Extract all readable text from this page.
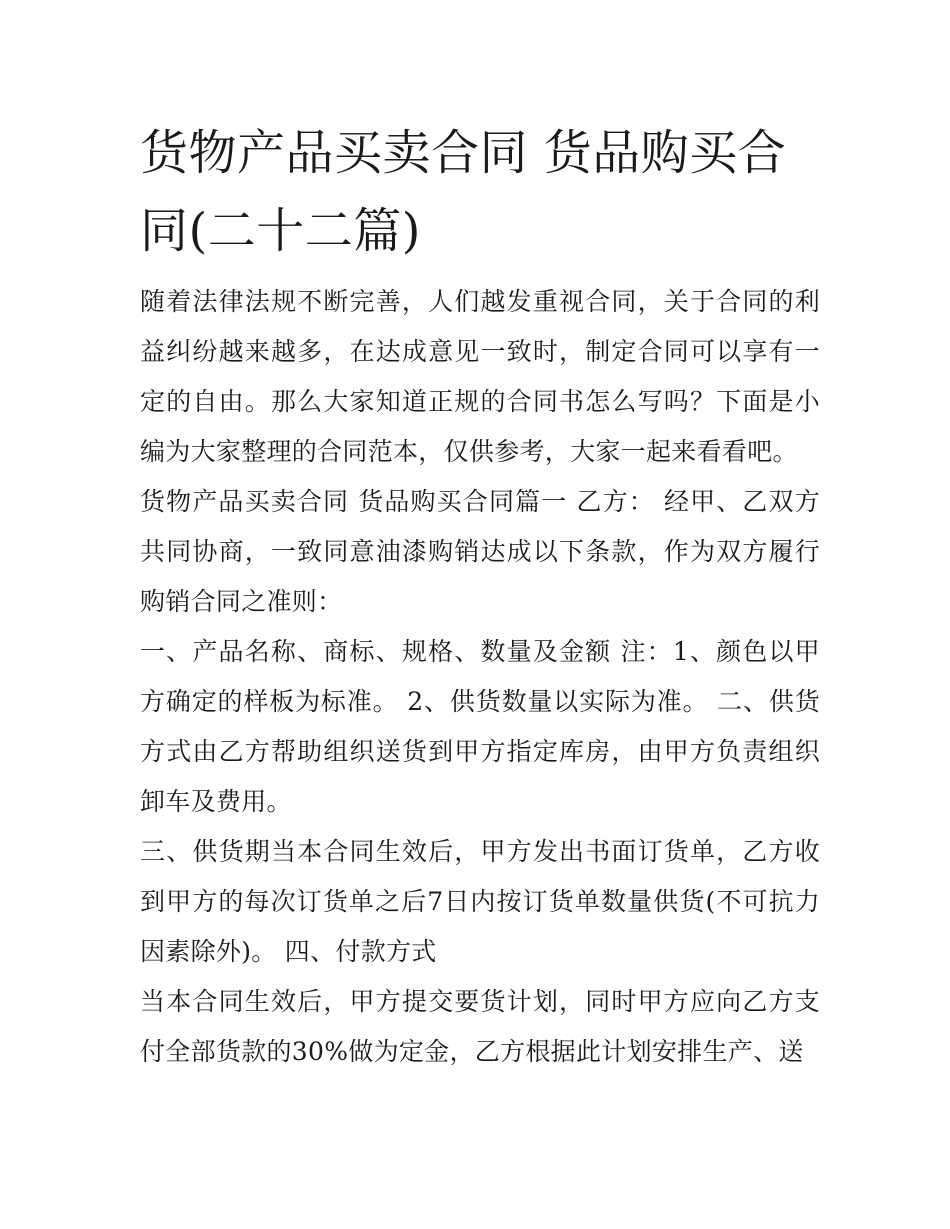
货物产品买卖合同 货品购买合同(二十二篇)

随着法律法规不断完善，人们越发重视合同，关于合同的利益纠纷越来越多，在达成意见一致时，制定合同可以享有一定的自由。那么大家知道正规的合同书怎么写吗？下面是小编为大家整理的合同范本，仅供参考，大家一起来看看吧。

货物产品买卖合同 货品购买合同篇一 乙方： 经甲、乙双方共同协商，一致同意油漆购销达成以下条款，作为双方履行购销合同之准则：

一、产品名称、商标、规格、数量及金额 注：1、颜色以甲方确定的样板为标准。 2、供货数量以实际为准。 二、供货方式由乙方帮助组织送货到甲方指定库房，由甲方负责组织卸车及费用。

三、供货期当本合同生效后，甲方发出书面订货单，乙方收到甲方的每次订货单之后7日内按订货单数量供货(不可抗力因素除外)。 四、付款方式

当本合同生效后，甲方提交要货计划，同时甲方应向乙方支付全部货款的30%做为定金，乙方根据此计划安排生产、送
